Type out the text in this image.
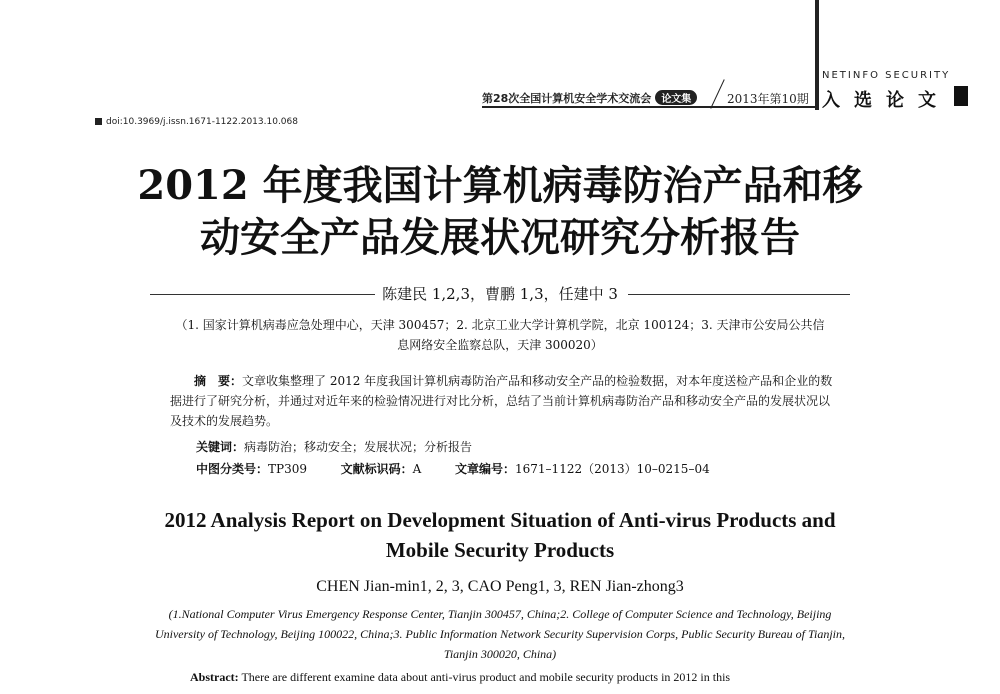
第28次全国计算机安全学术交流会 论文集	2013年第10期
NETINFO SECURITY
入选论文
doi:10.3969/j.issn.1671-1122.2013.10.068
2012 年度我国计算机病毒防治产品和移动安全产品发展状况研究分析报告
陈建民 1,2,3，曹鹏 1,3，任建中 3
（1. 国家计算机病毒应急处理中心，天津 300457；2. 北京工业大学计算机学院，北京 100124；3. 天津市公安局公共信息网络安全监察总队，天津 300020）
摘　要：文章收集整理了 2012 年度我国计算机病毒防治产品和移动安全产品的检验数据，对本年度送检产品和企业的数据进行了研究分析，并通过对近年来的检验情况进行对比分析，总结了当前计算机病毒防治产品和移动安全产品的发展状况以及技术的发展趋势。
关键词：病毒防治；移动安全；发展状况；分析报告
中图分类号：TP309	文献标识码：A	文章编号：1671–1122（2013）10–0215–04
2012 Analysis Report on Development Situation of Anti-virus Products and Mobile Security Products
CHEN Jian-min1, 2, 3, CAO Peng1, 3, REN Jian-zhong3
(1.National Computer Virus Emergency Response Center, Tianjin 300457, China;2. College of Computer Science and Technology, Beijing University of Technology, Beijing 100022, China;3. Public Information Network Security Supervision Corps, Public Security Bureau of Tianjin, Tianjin 300020, China)
Abstract: There are different examine data about anti-virus product and mobile security products in 2012 in this
